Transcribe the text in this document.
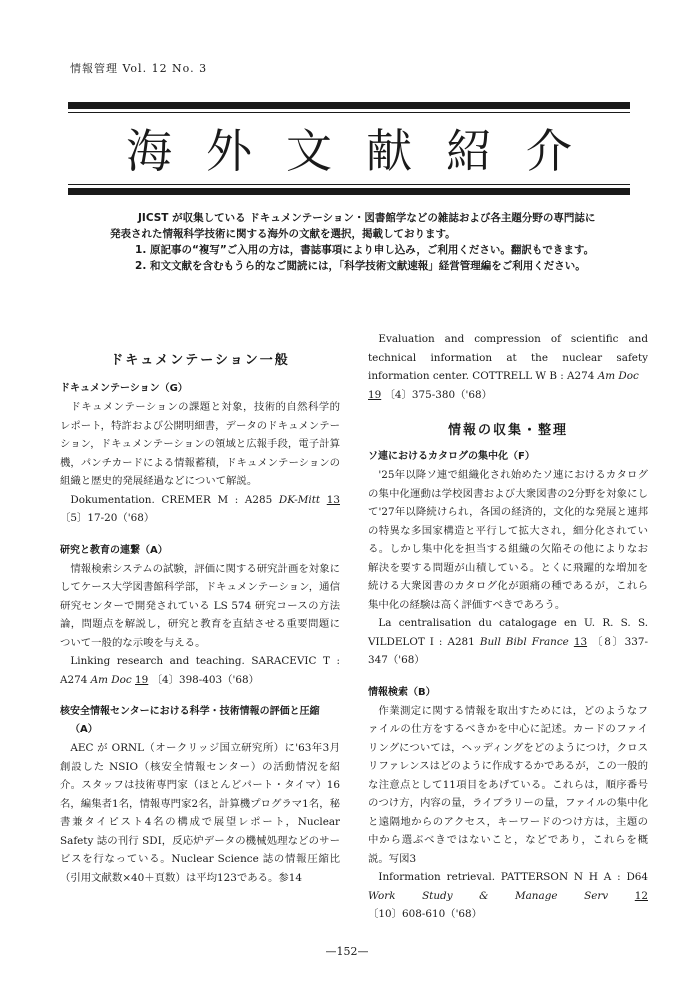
情報管理 Vol. 12 No. 3
海外文献紹介

JICST が収集している ドキュメンテーション・図書館学などの雑誌および各主題分野の専門誌に発表された情報科学技術に関する海外の文献を選択，掲載しております。

1. 原記事の“複写”ご入用の方は，書誌事項により申し込み，ご利用ください。翻訳もできます。
2. 和文文献を含むもうら的なご閲読には，「科学技術文献速報」経営管理編をご利用ください。
ドキュメンテーション一般

ドキュメンテーション（G）

ドキュメンテーションの課題と対象，技術的自然科学的レポート，特許および公開明細書，データのドキュメンテーション，ドキュメンテーションの領域と広報手段，電子計算機，パンチカードによる情報蓄積，ドキュメンテーションの組織と歴史的発展経過などについて解説。

Dokumentation. CREMER M : A285 DK-Mitt 13 〔5〕17-20（'68）

研究と教育の連繋（A）

情報検索システムの試験，評価に関する研究計画を対象にしてケース大学図書館科学部，ドキュメンテーション，通信研究センターで開発されている LS 574 研究コースの方法論，問題点を解説し，研究と教育を直結させる重要問題について一般的な示唆を与える。

Linking research and teaching. SARACEVIC T : A274 Am Doc 19 〔4〕398-403（'68）

核安全情報センターにおける科学・技術情報の評価と圧縮（A）

AEC が ORNL（オークリッジ国立研究所）に'63年3月創設した NSIO（核安全情報センター）の活動情況を紹介。スタッフは技術専門家（ほとんどパート・タイマ）16名，編集者1名，情報専門家2名，計算機プログラマ1名，秘書兼タイピスト4名の構成で展望レポート，Nuclear Safety 誌の刊行 SDI，反応炉データの機械処理などのサービスを行なっている。Nuclear Science 誌の情報圧縮比（引用文献数×40＋頁数）は平均123である。参14

Evaluation and compression of scientific and technical information at the nuclear safety information center. COTTRELL W B : A274 Am Doc
19 〔4〕375-380（'68）

情報の収集・整理

ソ連におけるカタログの集中化（F）

'25年以降ソ連で組織化され始めたソ連におけるカタログの集中化運動は学校図書および大衆図書の2分野を対象にして'27年以降続けられ，各国の経済的，文化的な発展と連邦の特異な多国家構造と平行して拡大され，細分化されている。しかし集中化を担当する組織の欠陥その他によりなお解決を要する問題が山積している。とくに飛躍的な増加を続ける大衆図書のカタログ化が頭痛の種であるが，これら集中化の経験は高く評価すべきであろう。

La centralisation du catalogage en U. R. S. S. VILDELOT I : A281 Bull Bibl France 13 〔8〕337-347（'68）

情報検索（B）

作業測定に関する情報を取出すためには，どのようなファイルの仕方をするべきかを中心に記述。カードのファイリングについては，ヘッディングをどのようにつけ，クロスリファレンスはどのように作成するかであるが，この一般的な注意点として11項目をあげている。これらは，順序番号のつけ方，内容の量，ライブラリーの量，ファイルの集中化と遠隔地からのアクセス，キーワードのつけ方は，主題の中から選ぶべきではないこと，などであり，これらを概説。写図3

Information retrieval. PATTERSON N H A : D64 Work Study & Manage Serv	12 〔10〕608-610（'68）

—152—
